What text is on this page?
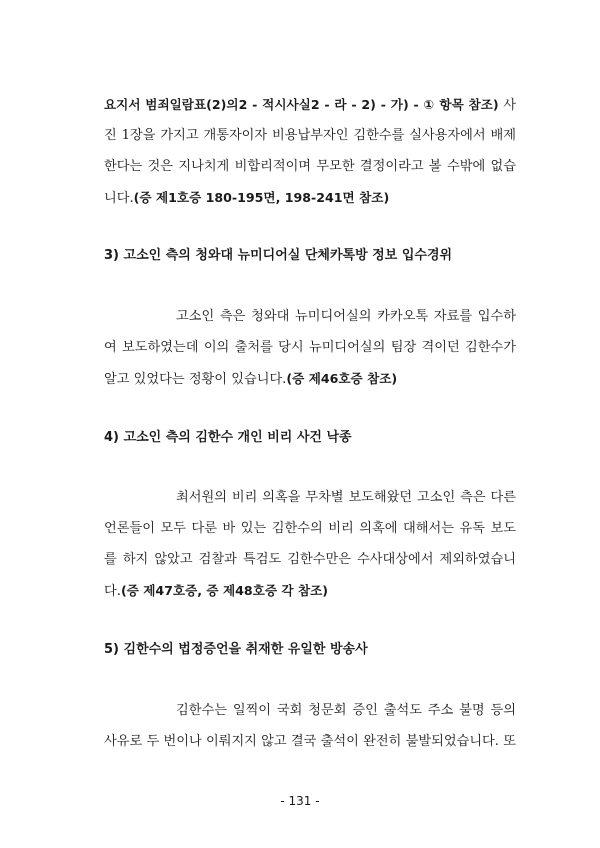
요지서 범죄일람표(2)의2 - 적시사실2 - 라 - 2) - 가) - ① 항목 참조) 사
진 1장을 가지고 개통자이자 비용납부자인 김한수를 실사용자에서 배제
한다는 것은 지나치게 비합리적이며 무모한 결정이라고 볼 수밖에 없습
니다.(증 제1호증 180-195면, 198-241면 참조)
3) 고소인 측의 청와대 뉴미디어실 단체카톡방 정보 입수경위
고소인 측은 청와대 뉴미디어실의 카카오톡 자료를 입수하
여 보도하였는데 이의 출처를 당시 뉴미디어실의 팀장 격이던 김한수가
알고 있었다는 정황이 있습니다.(증 제46호증 참조)
4) 고소인 측의 김한수 개인 비리 사건 낙종
최서원의 비리 의혹을 무차별 보도해왔던 고소인 측은 다른
언론들이 모두 다룬 바 있는 김한수의 비리 의혹에 대해서는 유독 보도
를 하지 않았고 검찰과 특검도 김한수만은 수사대상에서 제외하였습니
다.(증 제47호증, 증 제48호증 각 참조)
5) 김한수의 법정증언을 취재한 유일한 방송사
김한수는 일찍이 국회 청문회 증인 출석도 주소 불명 등의
사유로 두 번이나 이뤄지지 않고 결국 출석이 완전히 불발되었습니다. 또
- 131 -
